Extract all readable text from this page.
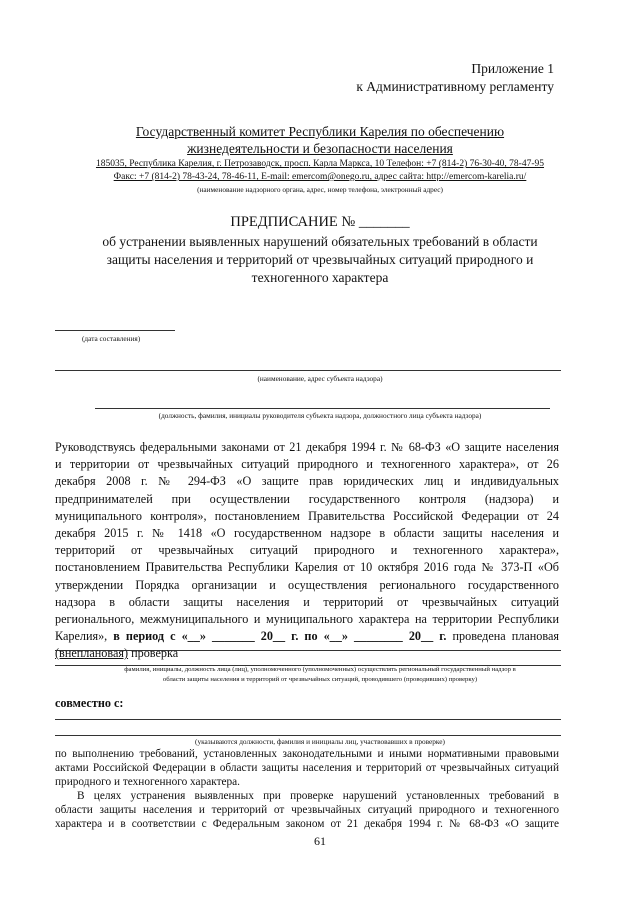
Приложение 1
к Административному регламенту
Государственный комитет Республики Карелия по обеспечению
жизнедеятельности и безопасности населения
185035, Республика Карелия, г. Петрозаводск, просп. Карла Маркса, 10 Телефон: +7 (814-2) 76-30-40, 78-47-95
Факс: +7 (814-2) 78-43-24, 78-46-11, E-mail: emercom@onego.ru, адрес сайта: http://emercom-karelia.ru/
(наименование надзорного органа, адрес, номер телефона, электронный адрес)
ПРЕДПИСАНИЕ № _______
об устранении выявленных нарушений обязательных требований в области
защиты населения и территорий от чрезвычайных ситуаций природного и
техногенного характера
(дата составления)
(наименование, адрес субъекта надзора)
(должность, фамилия, инициалы руководителя субъекта надзора, должностного лица субъекта надзора)
Руководствуясь федеральными законами от 21 декабря 1994 г. № 68-ФЗ «О защите населения
и территории от чрезвычайных ситуаций природного и техногенного характера», от 26
декабря 2008 г. № 294-ФЗ «О защите прав юридических лиц и индивидуальных
предпринимателей при осуществлении государственного контроля (надзора) и
муниципального контроля», постановлением Правительства Российской Федерации от 24
декабря 2015 г. № 1418 «О государственном надзоре в области защиты населения и
территорий от чрезвычайных ситуаций природного и техногенного характера»,
постановлением Правительства Республики Карелия от 10 октября 2016 года № 373-П «Об
утверждении Порядка организации и осуществления регионального государственного
надзора в области защиты населения и территорий от чрезвычайных ситуаций
регионального, межмуниципального и муниципального характера на территории Республики
Карелия», в период с «__» _______ 20__ г. по «__» ________ 20__ г. проведена плановая
(внеплановая) проверка
фамилия, инициалы, должность лица (лиц), уполномоченного (уполномоченных) осуществлять региональный государственный надзор в
области защиты населения и территорий от чрезвычайных ситуаций, проводившего (проводивших) проверку)
совместно с:
(указываются должности, фамилия и инициалы лиц, участвовавших в проверке)
по выполнению требований, установленных законодательными и иными нормативными правовыми
актами Российской Федерации в области защиты населения и территорий от чрезвычайных ситуаций
природного и техногенного характера.
В целях устранения выявленных при проверке нарушений установленных требований в
области защиты населения и территорий от чрезвычайных ситуаций природного и техногенного
характера и в соответствии с Федеральным законом от 21 декабря 1994 г. № 68-ФЗ «О защите
61
